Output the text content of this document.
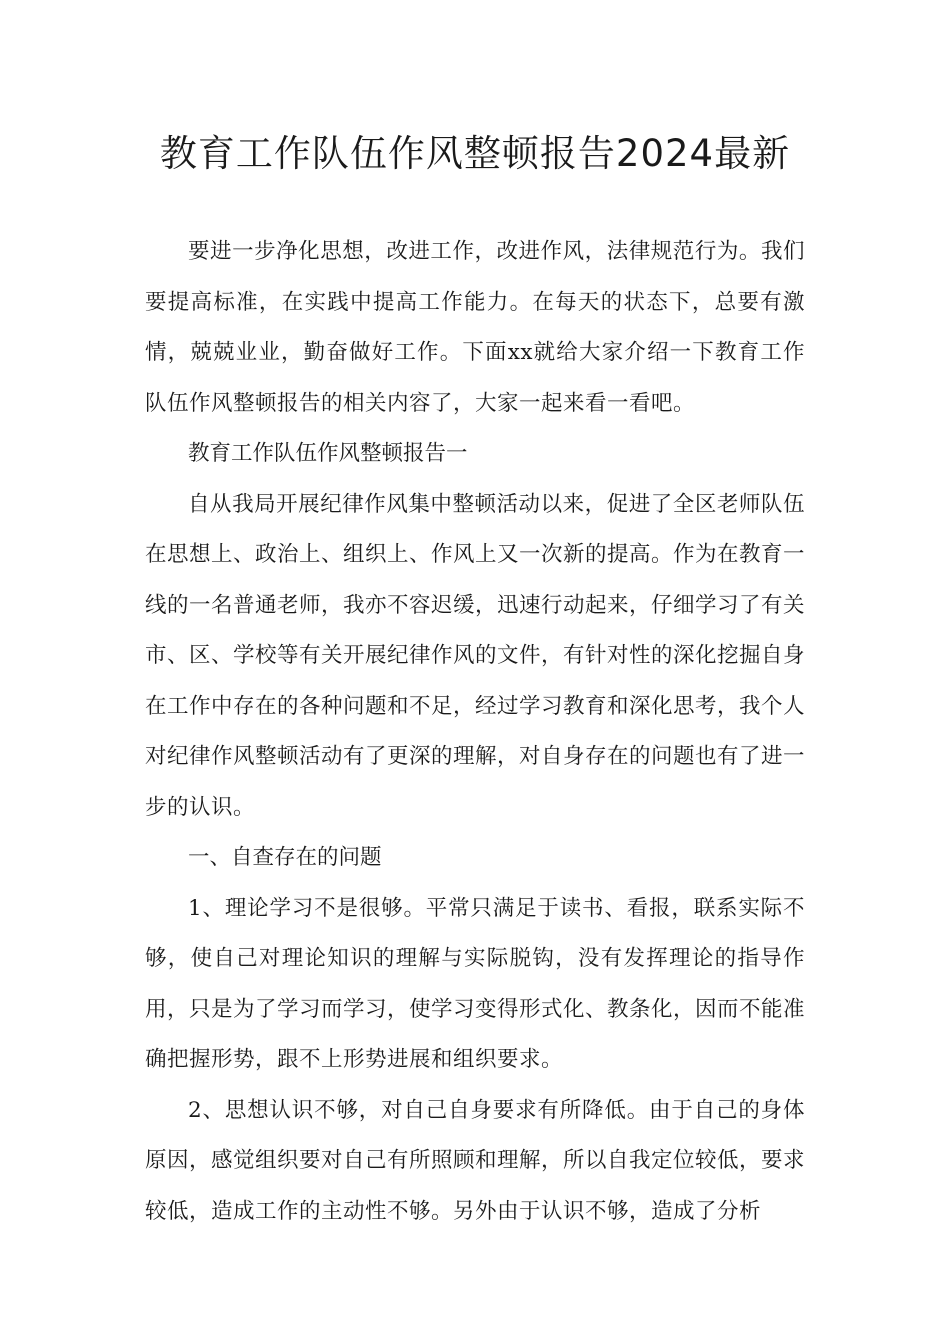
教育工作队伍作风整顿报告2024最新

要进一步净化思想，改进工作，改进作风，法律规范行为。我们要提高标准，在实践中提高工作能力。在每天的状态下，总要有激情，兢兢业业，勤奋做好工作。下面xx就给大家介绍一下教育工作队伍作风整顿报告的相关内容了，大家一起来看一看吧。

教育工作队伍作风整顿报告一

自从我局开展纪律作风集中整顿活动以来，促进了全区老师队伍在思想上、政治上、组织上、作风上又一次新的提高。作为在教育一线的一名普通老师，我亦不容迟缓，迅速行动起来，仔细学习了有关市、区、学校等有关开展纪律作风的文件，有针对性的深化挖掘自身在工作中存在的各种问题和不足，经过学习教育和深化思考，我个人对纪律作风整顿活动有了更深的理解，对自身存在的问题也有了进一步的认识。

一、自查存在的问题

1、理论学习不是很够。平常只满足于读书、看报，联系实际不够，使自己对理论知识的理解与实际脱钩，没有发挥理论的指导作用，只是为了学习而学习，使学习变得形式化、教条化，因而不能准确把握形势，跟不上形势进展和组织要求。

2、思想认识不够，对自己自身要求有所降低。由于自己的身体原因，感觉组织要对自己有所照顾和理解，所以自我定位较低，要求较低，造成工作的主动性不够。另外由于认识不够，造成了分析
